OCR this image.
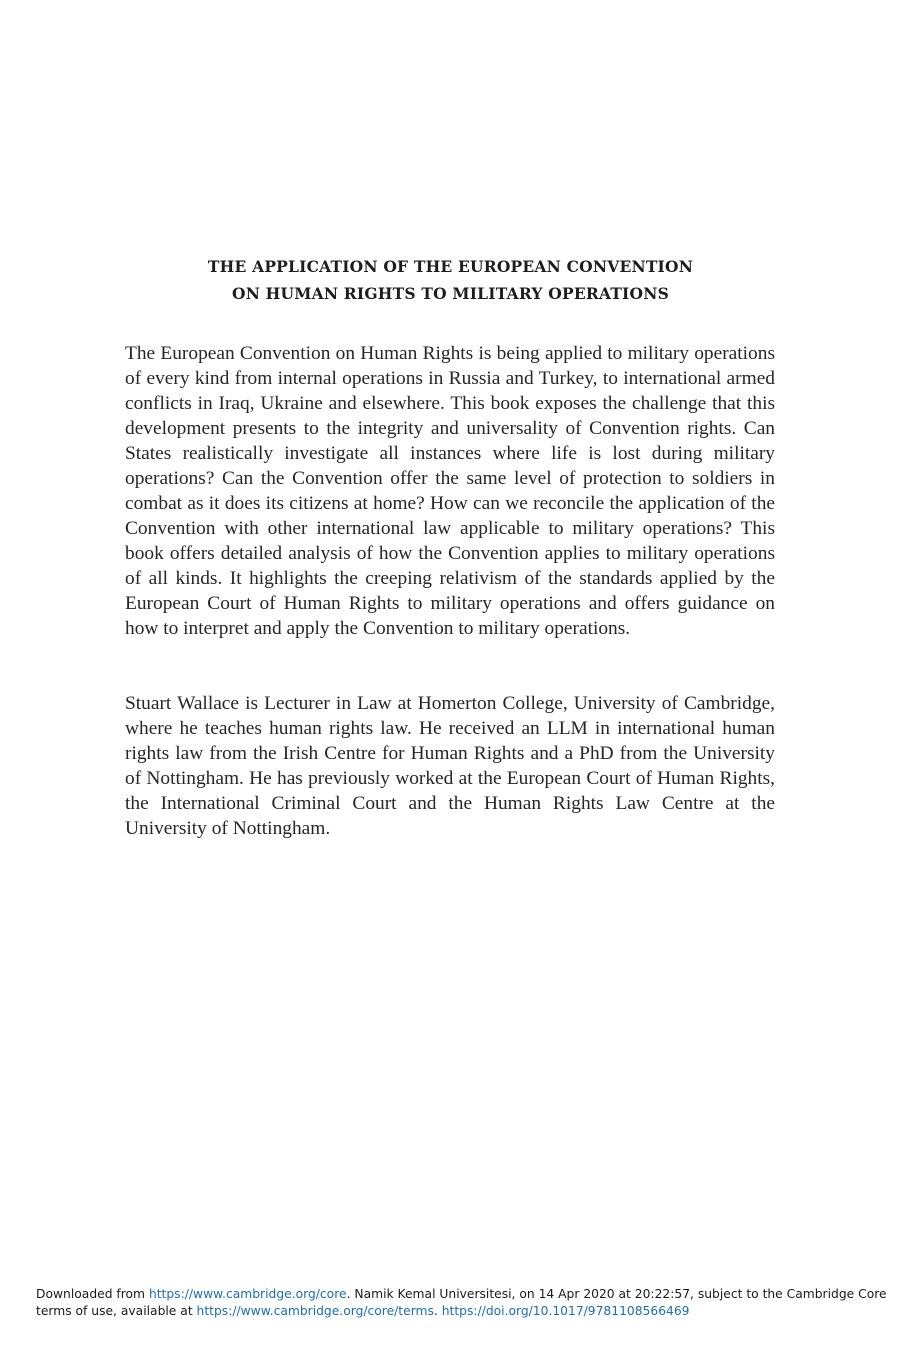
THE APPLICATION OF THE EUROPEAN CONVENTION
ON HUMAN RIGHTS TO MILITARY OPERATIONS

The European Convention on Human Rights is being applied to military operations of every kind from internal operations in Russia and Turkey, to international armed conflicts in Iraq, Ukraine and elsewhere. This book exposes the challenge that this development presents to the integrity and universality of Convention rights. Can States realistically investigate all instances where life is lost during military operations? Can the Convention offer the same level of protection to soldiers in combat as it does its citizens at home? How can we reconcile the application of the Convention with other international law applicable to military operations? This book offers detailed analysis of how the Convention applies to military operations of all kinds. It highlights the creeping relativism of the standards applied by the European Court of Human Rights to military operations and offers guidance on how to interpret and apply the Convention to military operations.

Stuart Wallace is Lecturer in Law at Homerton College, University of Cambridge, where he teaches human rights law. He received an LLM in international human rights law from the Irish Centre for Human Rights and a PhD from the University of Nottingham. He has previously worked at the European Court of Human Rights, the International Criminal Court and the Human Rights Law Centre at the University of Nottingham.

Downloaded from https://www.cambridge.org/core. Namik Kemal Universitesi, on 14 Apr 2020 at 20:22:57, subject to the Cambridge Core
terms of use, available at https://www.cambridge.org/core/terms. https://doi.org/10.1017/9781108566469
